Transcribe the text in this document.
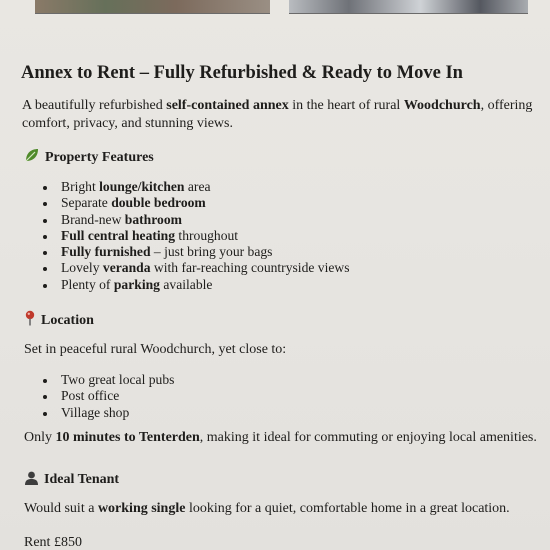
Annex to Rent – Fully Refurbished & Ready to Move In

A beautifully refurbished self-contained annex in the heart of rural Woodchurch, offering comfort, privacy, and stunning views.

Property Features
Bright lounge/kitchen area
Separate double bedroom
Brand-new bathroom
Full central heating throughout
Fully furnished – just bring your bags
Lovely veranda with far-reaching countryside views
Plenty of parking available
Location

Set in peaceful rural Woodchurch, yet close to:

Two great local pubs
Post office
Village shop

Only 10 minutes to Tenterden, making it ideal for commuting or enjoying local amenities.

Ideal Tenant

Would suit a working single looking for a quiet, comfortable home in a great location.

Rent £850
